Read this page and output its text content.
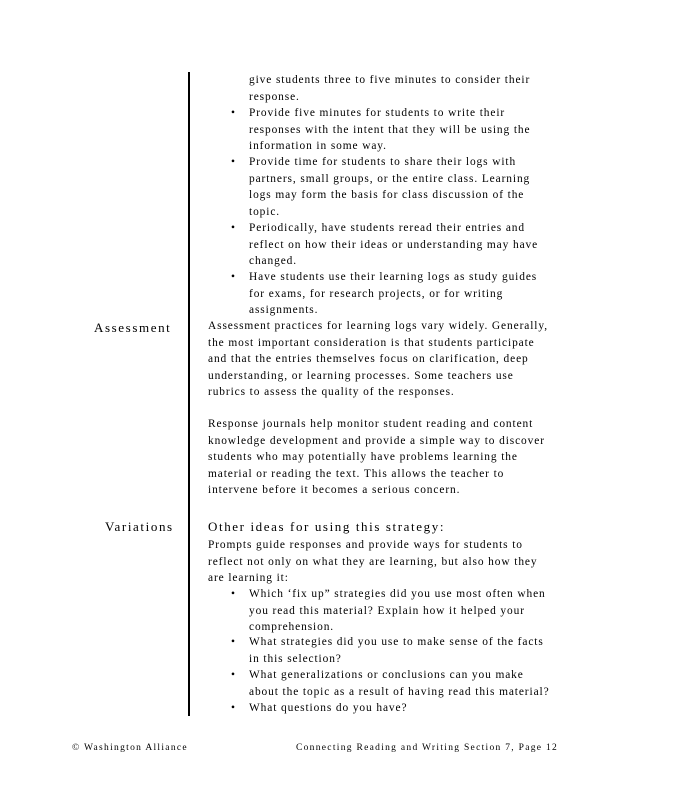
give students three to five minutes to consider their
response.
• Provide five minutes for students to write their
responses with the intent that they will be using the
information in some way.
• Provide time for students to share their logs with
partners, small groups, or the entire class. Learning
logs may form the basis for class discussion of the
topic.
• Periodically, have students reread their entries and
reflect on how their ideas or understanding may have
changed.
• Have students use their learning logs as study guides
for exams, for research projects, or for writing
assignments.
Assessment	Assessment practices for learning logs vary widely. Generally,
the most important consideration is that students participate
and that the entries themselves focus on clarification, deep
understanding, or learning processes. Some teachers use
rubrics to assess the quality of the responses.
Response journals help monitor student reading and content
knowledge development and provide a simple way to discover
students who may potentially have problems learning the
material or reading the text. This allows the teacher to
intervene before it becomes a serious concern.
Variations	Other ideas for using this strategy:
Prompts guide responses and provide ways for students to
reflect not only on what they are learning, but also how they
are learning it:
• Which ‘fix up” strategies did you use most often when
you read this material? Explain how it helped your
comprehension.
• What strategies did you use to make sense of the facts
in this selection?
• What generalizations or conclusions can you make
about the topic as a result of having read this material?
• What questions do you have?
© Washington Alliance	Connecting Reading and Writing Section 7, Page 12
